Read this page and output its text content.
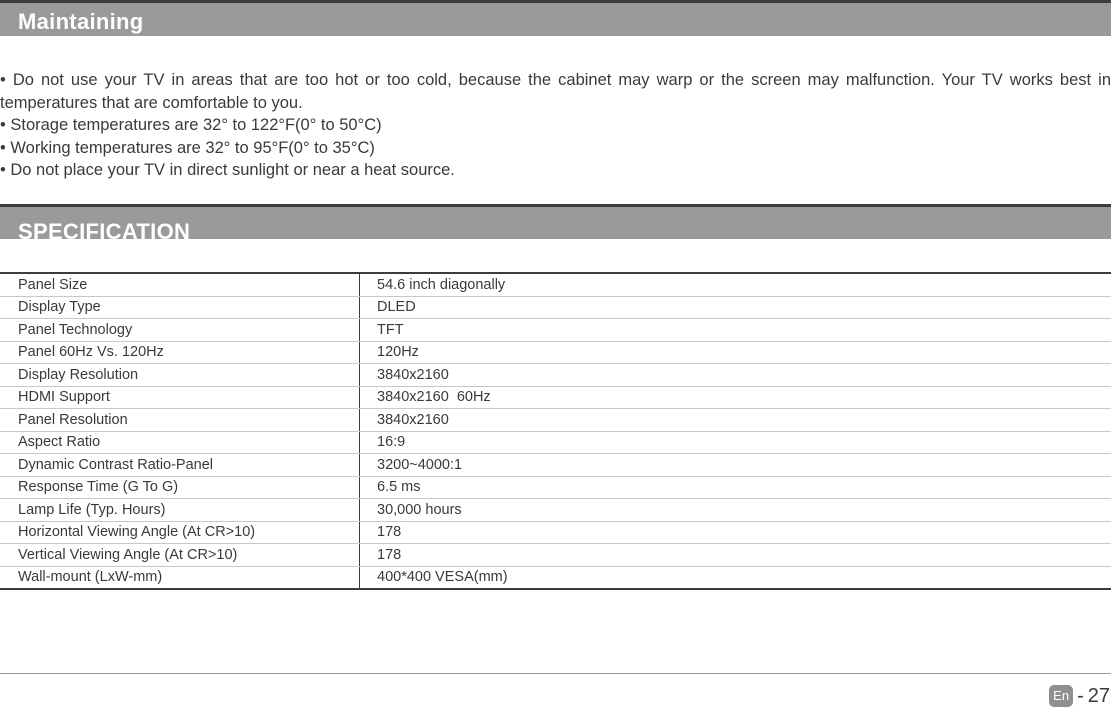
Maintaining

• Do not use your TV in areas that are too hot or too cold, because the cabinet may warp or the screen may malfunction. Your TV works best in temperatures that are comfortable to you.

• Storage temperatures are 32° to 122°F(0° to 50°C)

• Working temperatures are 32° to 95°F(0° to 35°C)

• Do not place your TV in direct sunlight or near a heat source.

SPECIFICATION
Panel Size	54.6 inch diagonally
Display Type	DLED
Panel Technology	TFT
Panel 60Hz Vs. 120Hz	120Hz
Display Resolution	3840x2160
HDMI Support	3840x2160  60Hz
Panel Resolution	3840x2160
Aspect Ratio	16:9
Dynamic Contrast Ratio-Panel	3200~4000:1
Response Time (G To G)	6.5 ms
Lamp Life (Typ. Hours)	30,000 hours
Horizontal Viewing Angle (At CR>10)	178
Vertical Viewing Angle (At CR>10)	178
Wall-mount (LxW-mm)	400*400 VESA(mm)
En - 27
